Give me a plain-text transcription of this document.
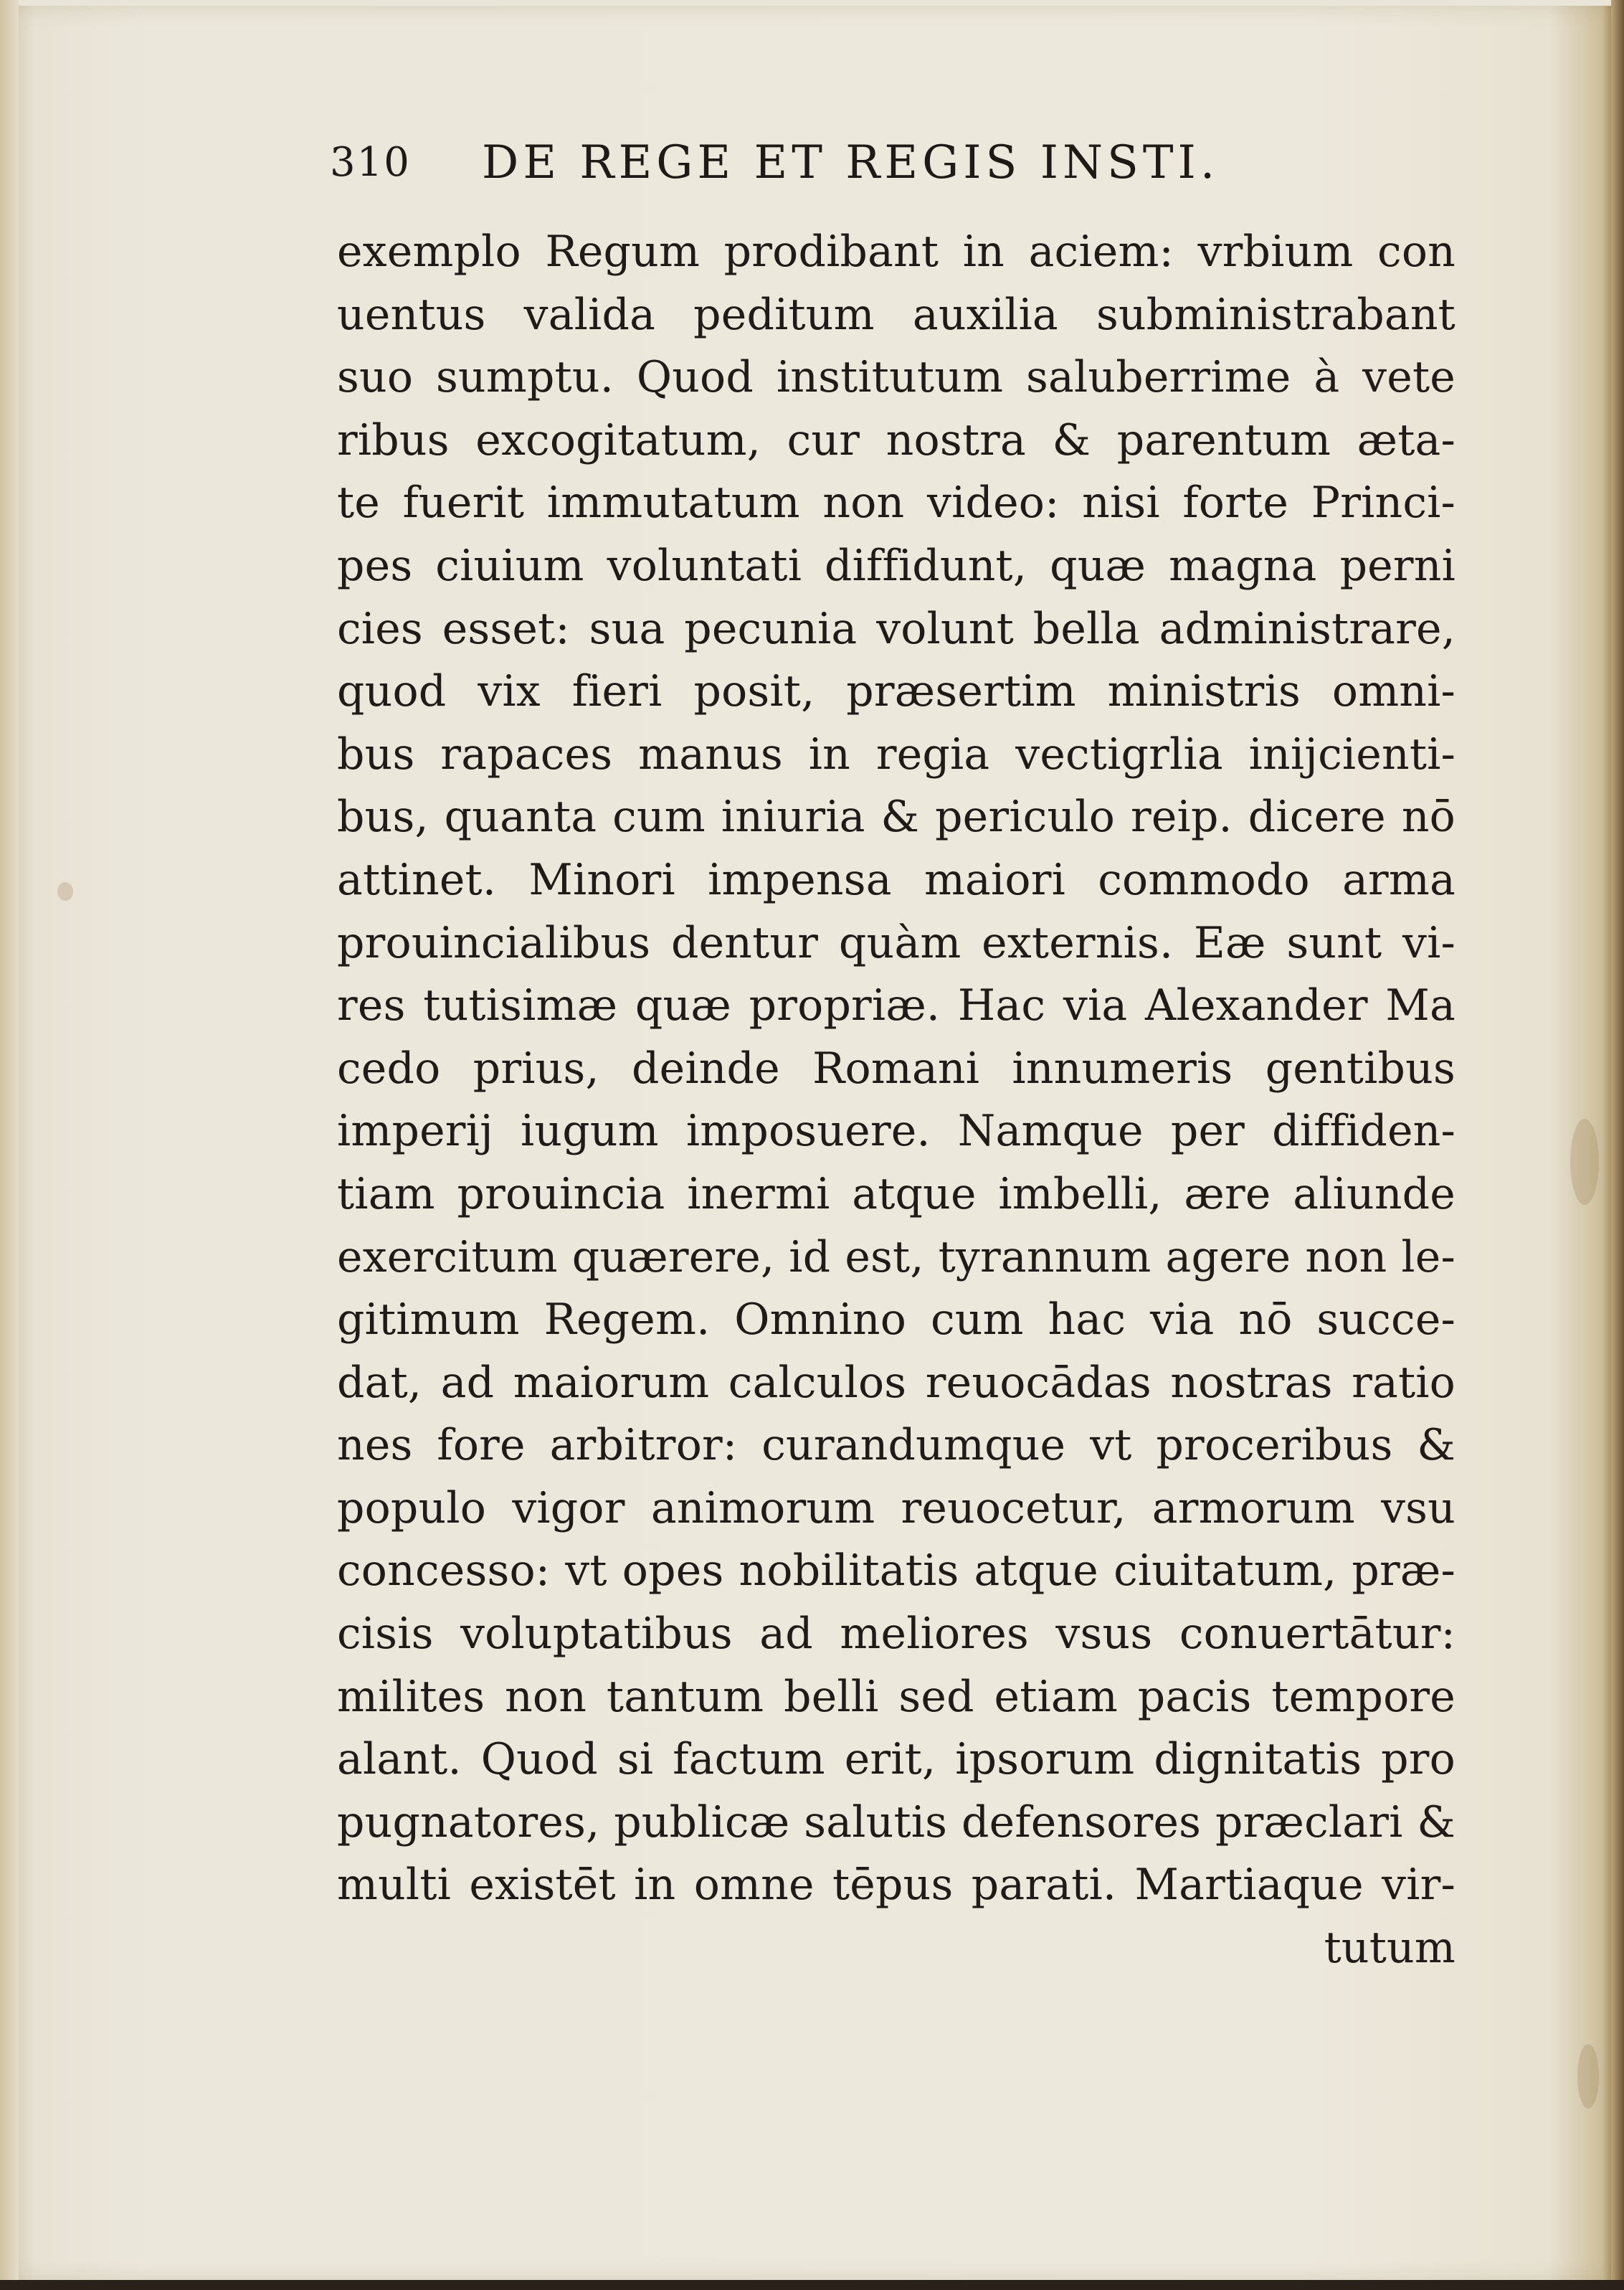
310 DE REGE ET REGIS INSTI.
exemplo Regum prodibant in aciem: vrbium con
uentus valida peditum auxilia subministrabant
suo sumptu. Quod institutum saluberrime à vete
ribus excogitatum, cur nostra & parentum æta-
te fuerit immutatum non video: nisi forte Princi-
pes ciuium voluntati diffidunt, quæ magna perni
cies esset: sua pecunia volunt bella administrare,
quod vix fieri posit, præsertim ministris omni-
bus rapaces manus in regia vectigrlia inijcienti-
bus, quanta cum iniuria & periculo reip. dicere nō
attinet. Minori impensa maiori commodo arma
prouincialibus dentur quàm externis. Eæ sunt vi-
res tutisimæ quæ propriæ. Hac via Alexander Ma
cedo prius, deinde Romani innumeris gentibus
imperij iugum imposuere. Namque per diffiden-
tiam prouincia inermi atque imbelli, ære aliunde
exercitum quærere, id est, tyrannum agere non le-
gitimum Regem. Omnino cum hac via nō succe-
dat, ad maiorum calculos reuocādas nostras ratio
nes fore arbitror: curandumque vt proceribus &
populo vigor animorum reuocetur, armorum vsu
concesso: vt opes nobilitatis atque ciuitatum, præ-
cisis voluptatibus ad meliores vsus conuertātur:
milites non tantum belli sed etiam pacis tempore
alant. Quod si factum erit, ipsorum dignitatis pro
pugnatores, publicæ salutis defensores præclari &
multi existēt in omne tēpus parati. Martiaque vir-
tutum
